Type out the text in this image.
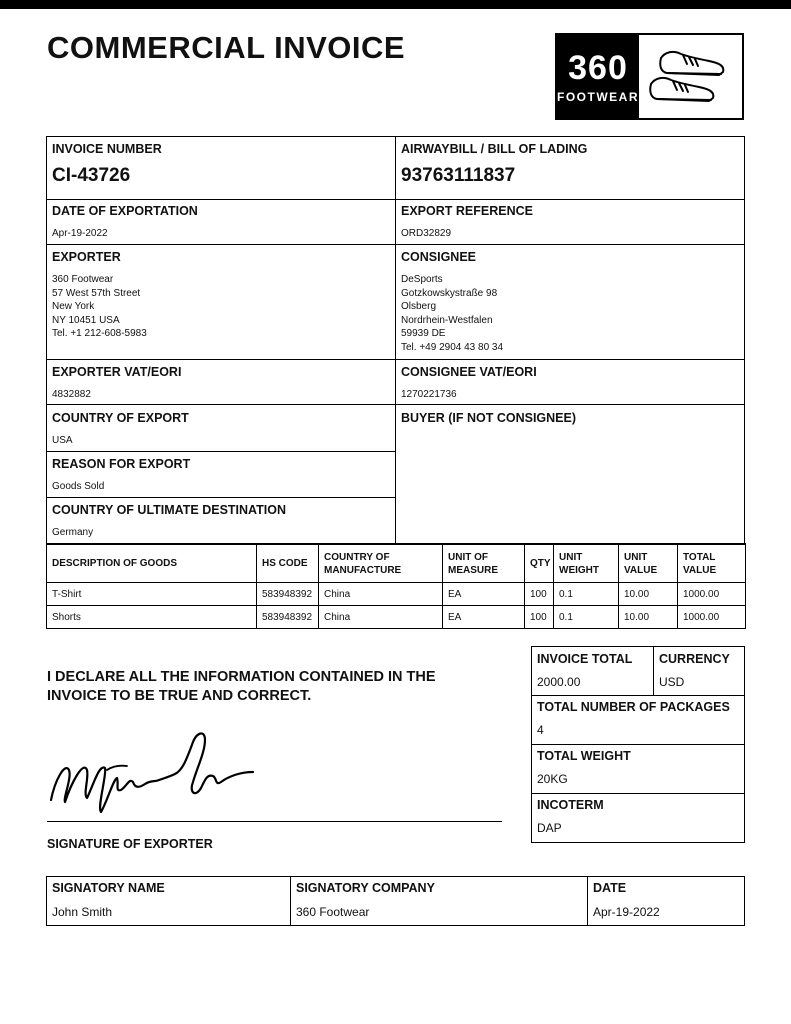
COMMERCIAL INVOICE
360
FOOTWEAR
INVOICE NUMBER
CI-43726
AIRWAYBILL / BILL OF LADING
93763111837
DATE OF EXPORTATION
Apr-19-2022
EXPORT REFERENCE
ORD32829
EXPORTER
360 Footwear
57 West 57th Street
New York
NY 10451 USA
Tel. +1 212-608-5983
CONSIGNEE
DeSports
Gotzkowskystraße 98
Olsberg
Nordrhein-Westfalen
59939 DE
Tel. +49 2904 43 80 34
EXPORTER VAT/EORI
4832882
CONSIGNEE VAT/EORI
1270221736
COUNTRY OF EXPORT
USA
BUYER (IF NOT CONSIGNEE)
REASON FOR EXPORT
Goods Sold
COUNTRY OF ULTIMATE DESTINATION
Germany
DESCRIPTION OF GOODS	HS CODE	COUNTRY OF MANUFACTURE	UNIT OF MEASURE	QTY	UNIT WEIGHT	UNIT VALUE	TOTAL VALUE
T-Shirt	583948392	China	EA	100	0.1	10.00	1000.00
Shorts	583948392	China	EA	100	0.1	10.00	1000.00
I DECLARE ALL THE INFORMATION CONTAINED IN THE INVOICE TO BE TRUE AND CORRECT.
SIGNATURE OF EXPORTER
INVOICE TOTAL
2000.00
CURRENCY
USD
TOTAL NUMBER OF PACKAGES
4
TOTAL WEIGHT
20KG
INCOTERM
DAP
SIGNATORY NAME
John Smith
SIGNATORY COMPANY
360 Footwear
DATE
Apr-19-2022
